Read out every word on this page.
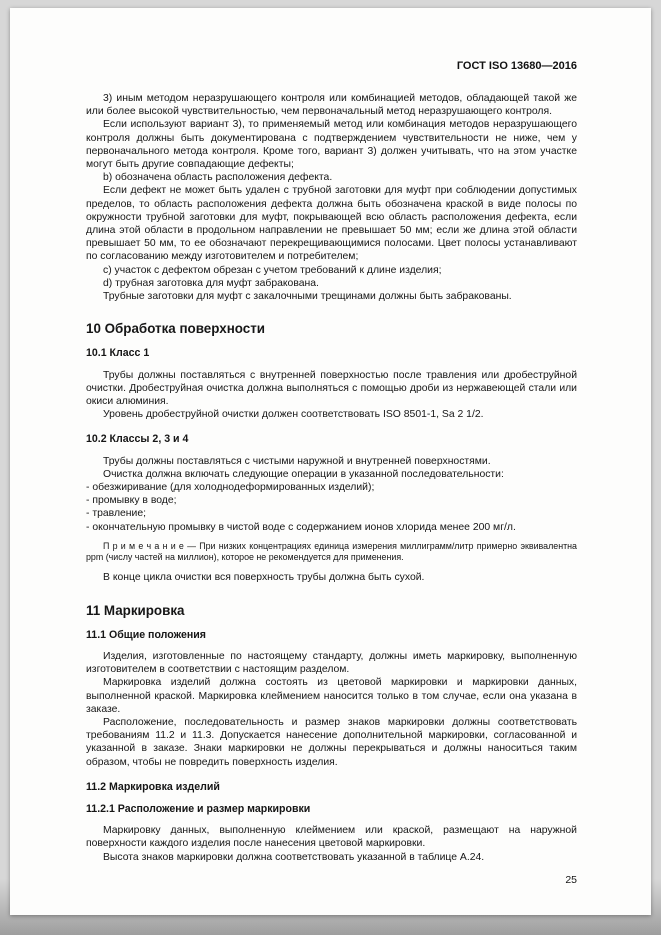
ГОСТ ISO 13680—2016

3) иным методом неразрушающего контроля или комбинацией методов, обладающей такой же или более высокой чувствительностью, чем первоначальный метод неразрушающего контроля.

Если используют вариант 3), то применяемый метод или комбинация методов неразрушающего контроля должны быть документирована с подтверждением чувствительности не ниже, чем у первоначального метода контроля. Кроме того, вариант 3) должен учитывать, что на этом участке могут быть другие совпадающие дефекты;

b) обозначена область расположения дефекта.

Если дефект не может быть удален с трубной заготовки для муфт при соблюдении допустимых пределов, то область расположения дефекта должна быть обозначена краской в виде полосы по окружности трубной заготовки для муфт, покрывающей всю область расположения дефекта, если длина этой области в продольном направлении не превышает 50 мм; если же длина этой области превышает 50 мм, то ее обозначают перекрещивающимися полосами. Цвет полосы устанавливают по согласованию между изготовителем и потребителем;

c) участок с дефектом обрезан с учетом требований к длине изделия;

d) трубная заготовка для муфт забракована.

Трубные заготовки для муфт с закалочными трещинами должны быть забракованы.

10 Обработка поверхности

10.1 Класс 1

Трубы должны поставляться с внутренней поверхностью после травления или дробеструйной очистки. Дробеструйная очистка должна выполняться с помощью дроби из нержавеющей стали или окиси алюминия.

Уровень дробеструйной очистки должен соответствовать ISO 8501-1, Sa 2 1/2.

10.2 Классы 2, 3 и 4

Трубы должны поставляться с чистыми наружной и внутренней поверхностями.

Очистка должна включать следующие операции в указанной последовательности:

- обезжиривание (для холоднодеформированных изделий);

- промывку в воде;

- травление;

- окончательную промывку в чистой воде с содержанием ионов хлорида менее 200 мг/л.

П р и м е ч а н и е — При низких концентрациях единица измерения миллиграмм/литр примерно эквивалентна ppm (числу частей на миллион), которое не рекомендуется для применения.

В конце цикла очистки вся поверхность трубы должна быть сухой.

11 Маркировка

11.1 Общие положения

Изделия, изготовленные по настоящему стандарту, должны иметь маркировку, выполненную изготовителем в соответствии с настоящим разделом.

Маркировка изделий должна состоять из цветовой маркировки и маркировки данных, выполненной краской. Маркировка клеймением наносится только в том случае, если она указана в заказе.

Расположение, последовательность и размер знаков маркировки должны соответствовать требованиям 11.2 и 11.3. Допускается нанесение дополнительной маркировки, согласованной и указанной в заказе. Знаки маркировки не должны перекрываться и должны наноситься таким образом, чтобы не повредить поверхность изделия.

11.2 Маркировка изделий

11.2.1 Расположение и размер маркировки

Маркировку данных, выполненную клеймением или краской, размещают на наружной поверхности каждого изделия после нанесения цветовой маркировки.

Высота знаков маркировки должна соответствовать указанной в таблице А.24.

25
